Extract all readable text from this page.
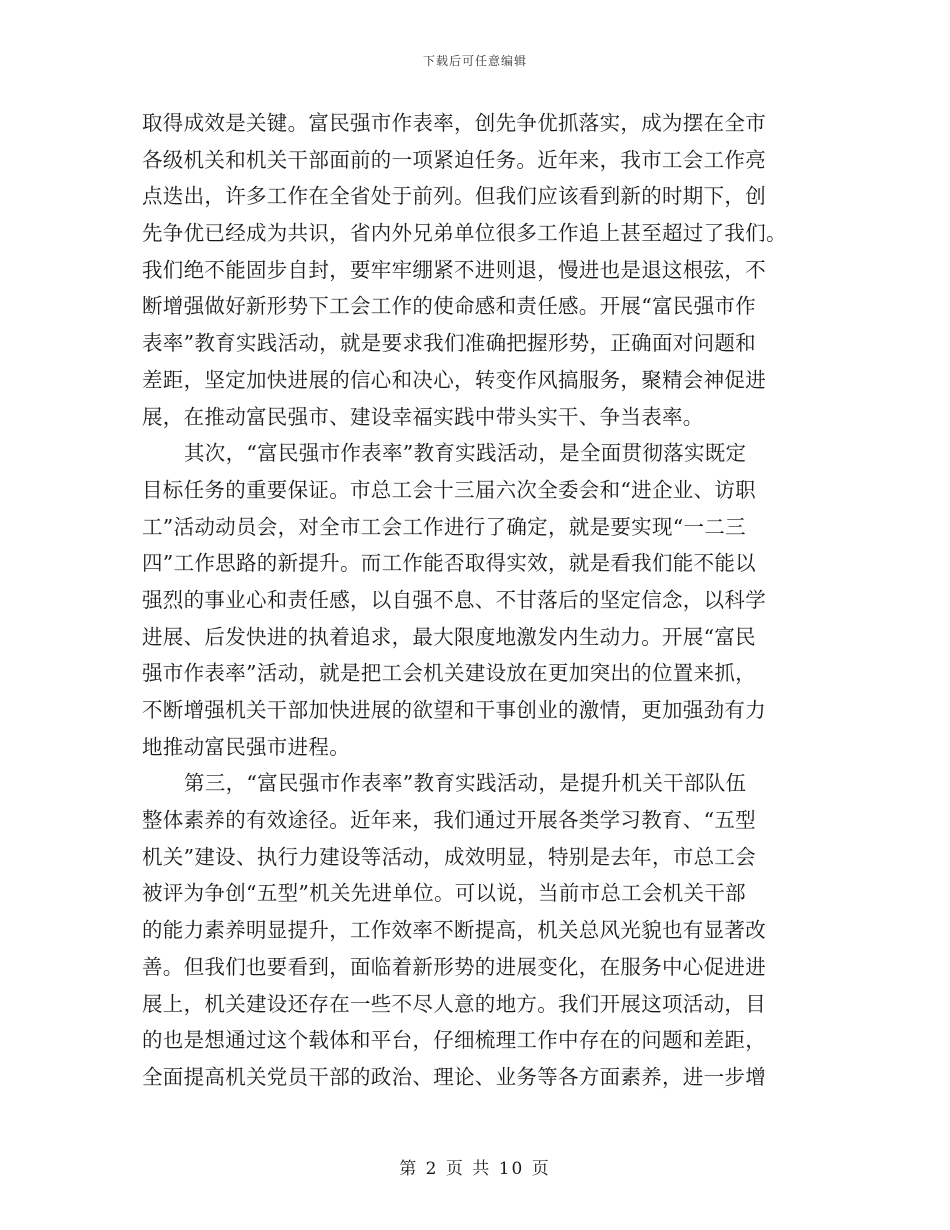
下载后可任意编辑
取得成效是关键。富民强市作表率，创先争优抓落实，成为摆在全市
各级机关和机关干部面前的一项紧迫任务。近年来，我市工会工作亮
点迭出，许多工作在全省处于前列。但我们应该看到新的时期下，创
先争优已经成为共识，省内外兄弟单位很多工作追上甚至超过了我们。
我们绝不能固步自封，要牢牢绷紧不进则退，慢进也是退这根弦，不
断增强做好新形势下工会工作的使命感和责任感。开展“富民强市作
表率”教育实践活动，就是要求我们准确把握形势，正确面对问题和
差距，坚定加快进展的信心和决心，转变作风搞服务，聚精会神促进
展，在推动富民强市、建设幸福实践中带头实干、争当表率。
其次，“富民强市作表率”教育实践活动，是全面贯彻落实既定
目标任务的重要保证。市总工会十三届六次全委会和“进企业、访职
工”活动动员会，对全市工会工作进行了确定，就是要实现“一二三
四”工作思路的新提升。而工作能否取得实效，就是看我们能不能以
强烈的事业心和责任感，以自强不息、不甘落后的坚定信念，以科学
进展、后发快进的执着追求，最大限度地激发内生动力。开展“富民
强市作表率”活动，就是把工会机关建设放在更加突出的位置来抓，
不断增强机关干部加快进展的欲望和干事创业的激情，更加强劲有力
地推动富民强市进程。
第三，“富民强市作表率”教育实践活动，是提升机关干部队伍
整体素养的有效途径。近年来，我们通过开展各类学习教育、“五型
机关”建设、执行力建设等活动，成效明显，特别是去年，市总工会
被评为争创“五型”机关先进单位。可以说，当前市总工会机关干部
的能力素养明显提升，工作效率不断提高，机关总风光貌也有显著改
善。但我们也要看到，面临着新形势的进展变化，在服务中心促进进
展上，机关建设还存在一些不尽人意的地方。我们开展这项活动，目
的也是想通过这个载体和平台，仔细梳理工作中存在的问题和差距，
全面提高机关党员干部的政治、理论、业务等各方面素养，进一步增
第 2 页 共 10 页
